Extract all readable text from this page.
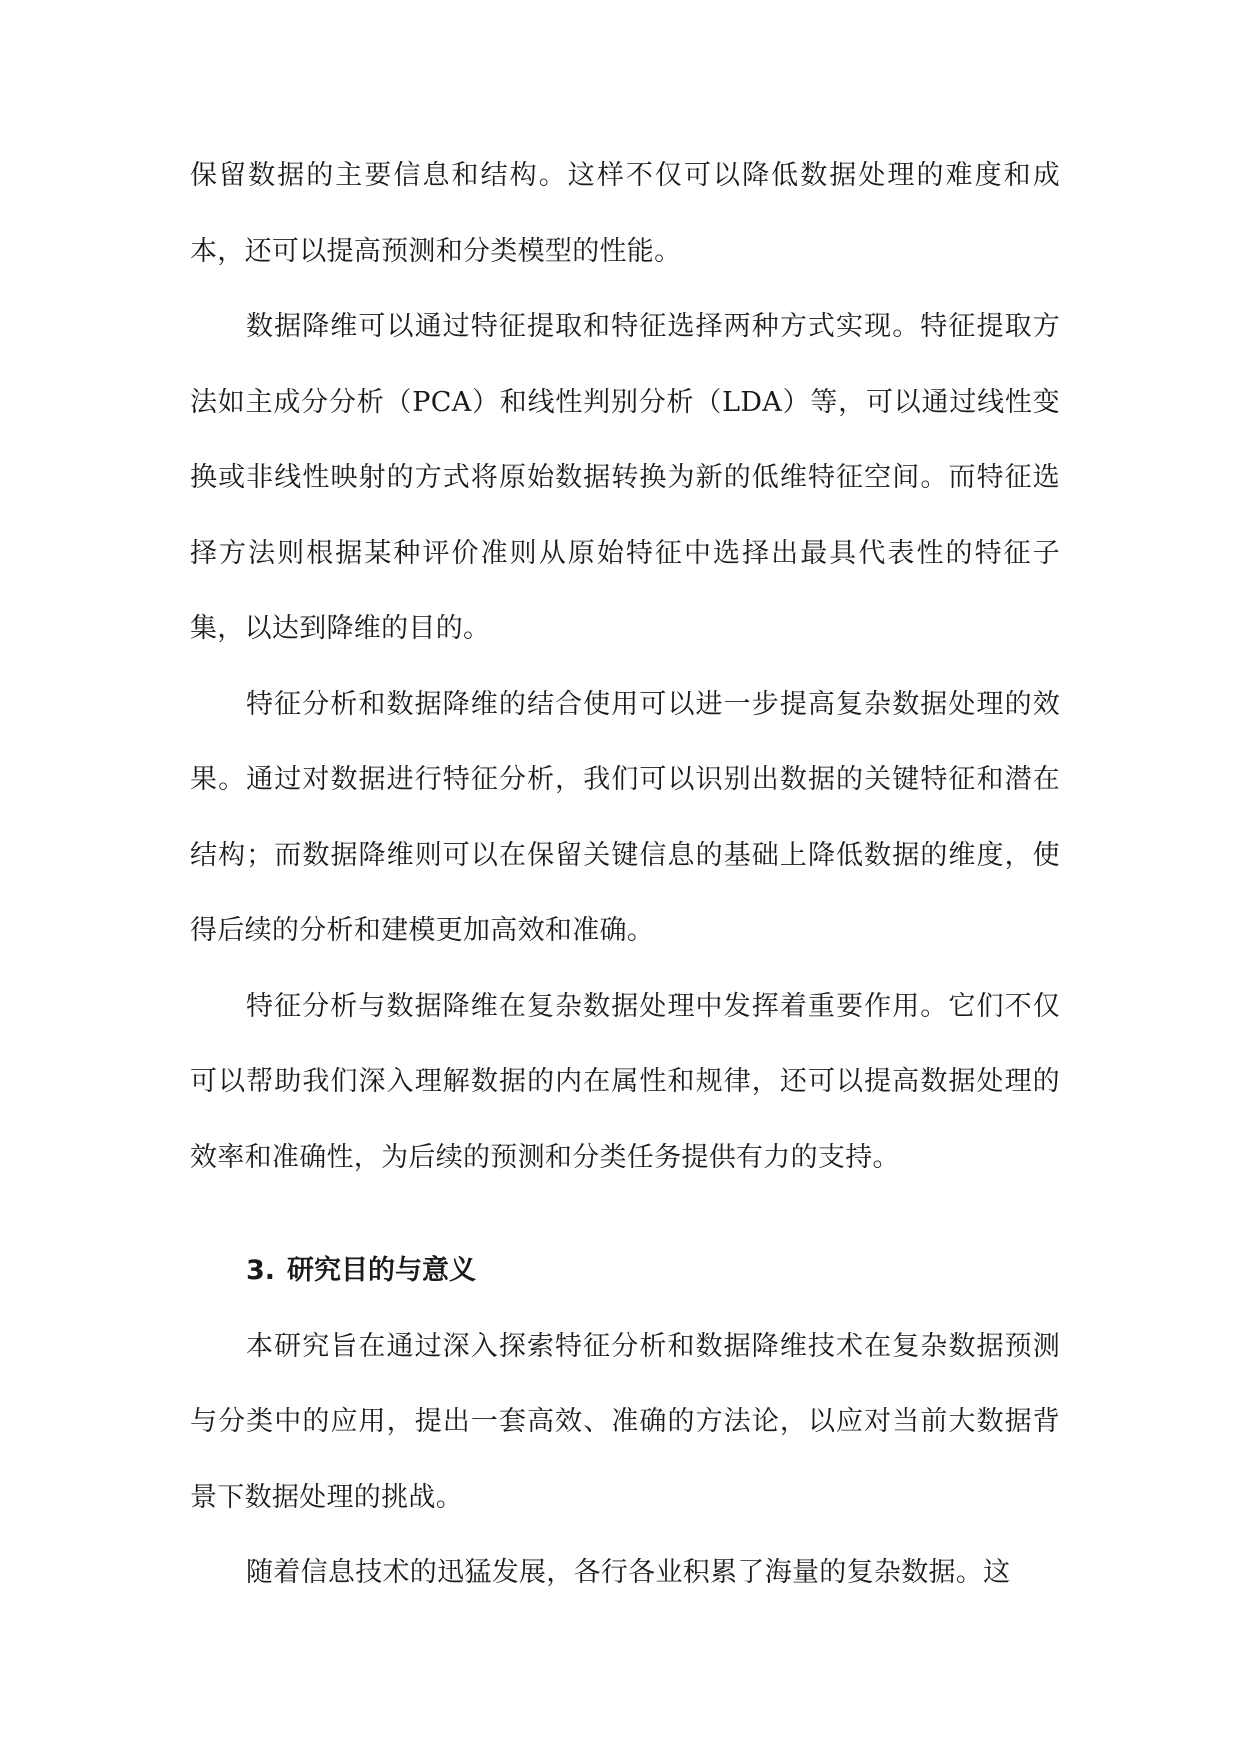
保留数据的主要信息和结构。这样不仅可以降低数据处理的难度和成本，还可以提高预测和分类模型的性能。

数据降维可以通过特征提取和特征选择两种方式实现。特征提取方法如主成分分析（PCA）和线性判别分析（LDA）等，可以通过线性变换或非线性映射的方式将原始数据转换为新的低维特征空间。而特征选择方法则根据某种评价准则从原始特征中选择出最具代表性的特征子集，以达到降维的目的。

特征分析和数据降维的结合使用可以进一步提高复杂数据处理的效果。通过对数据进行特征分析，我们可以识别出数据的关键特征和潜在结构；而数据降维则可以在保留关键信息的基础上降低数据的维度，使得后续的分析和建模更加高效和准确。

特征分析与数据降维在复杂数据处理中发挥着重要作用。它们不仅可以帮助我们深入理解数据的内在属性和规律，还可以提高数据处理的效率和准确性，为后续的预测和分类任务提供有力的支持。

3. 研究目的与意义

本研究旨在通过深入探索特征分析和数据降维技术在复杂数据预测与分类中的应用，提出一套高效、准确的方法论，以应对当前大数据背景下数据处理的挑战。

随着信息技术的迅猛发展，各行各业积累了海量的复杂数据。这
